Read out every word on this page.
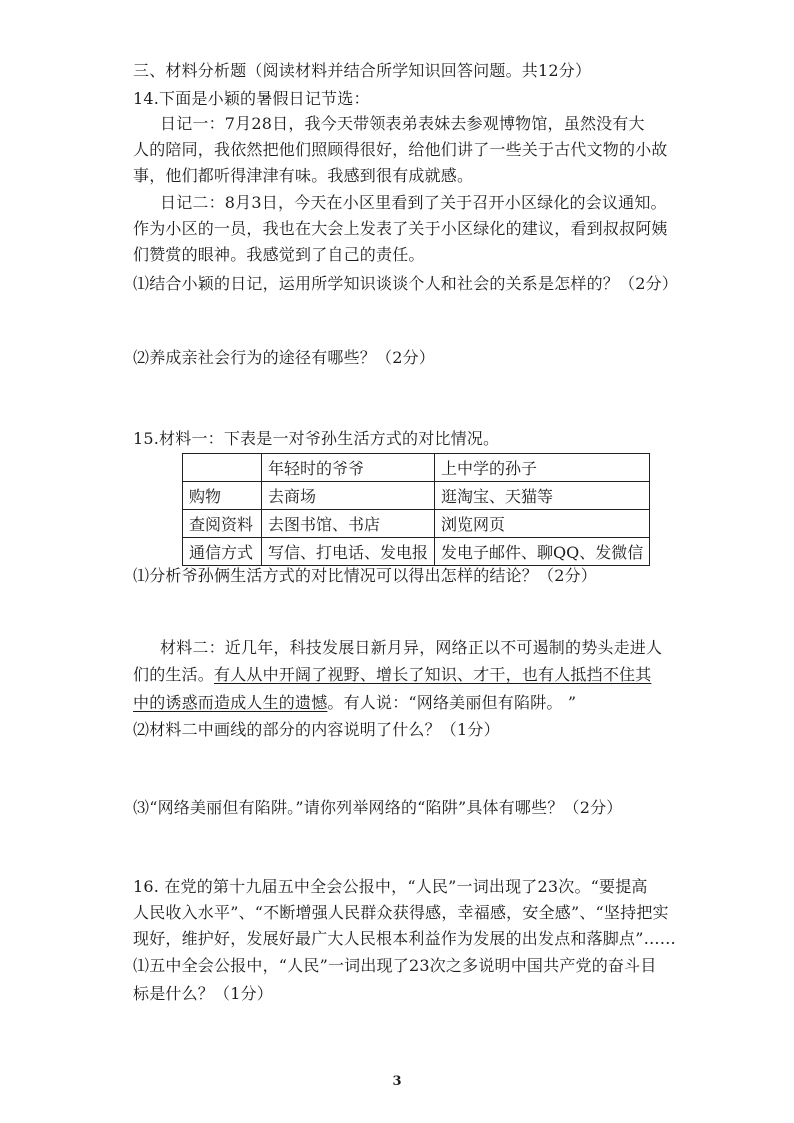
三、材料分析题（阅读材料并结合所学知识回答问题。共12分）
14.下面是小颖的暑假日记节选：
日记一：7月28日，我今天带领表弟表妹去参观博物馆，虽然没有大
人的陪同，我依然把他们照顾得很好，给他们讲了一些关于古代文物的小故
事，他们都听得津津有味。我感到很有成就感。
日记二：8月3日，今天在小区里看到了关于召开小区绿化的会议通知。
作为小区的一员，我也在大会上发表了关于小区绿化的建议，看到叔叔阿姨
们赞赏的眼神。我感觉到了自己的责任。
⑴结合小颖的日记，运用所学知识谈谈个人和社会的关系是怎样的？（2分）
⑵养成亲社会行为的途径有哪些？（2分）
15.材料一：下表是一对爷孙生活方式的对比情况。
	年轻时的爷爷	上中学的孙子
购物	去商场	逛淘宝、天猫等
查阅资料	去图书馆、书店	浏览网页
通信方式	写信、打电话、发电报	发电子邮件、聊QQ、发微信
⑴分析爷孙俩生活方式的对比情况可以得出怎样的结论？（2分）
材料二：近几年，科技发展日新月异，网络正以不可遏制的势头走进人
们的生活。有人从中开阔了视野、增长了知识、才干，也有人抵挡不住其
中的诱惑而造成人生的遗憾。有人说：“网络美丽但有陷阱。 ”
⑵材料二中画线的部分的内容说明了什么？（1分）
⑶“网络美丽但有陷阱。”请你列举网络的“陷阱”具体有哪些？（2分）
16. 在党的第十九届五中全会公报中，“人民”一词出现了23次。“要提高
人民收入水平”、“不断增强人民群众获得感，幸福感，安全感”、“坚持把实
现好，维护好，发展好最广大人民根本利益作为发展的出发点和落脚点”……
⑴五中全会公报中，“人民”一词出现了23次之多说明中国共产党的奋斗目
标是什么？（1分）
3
